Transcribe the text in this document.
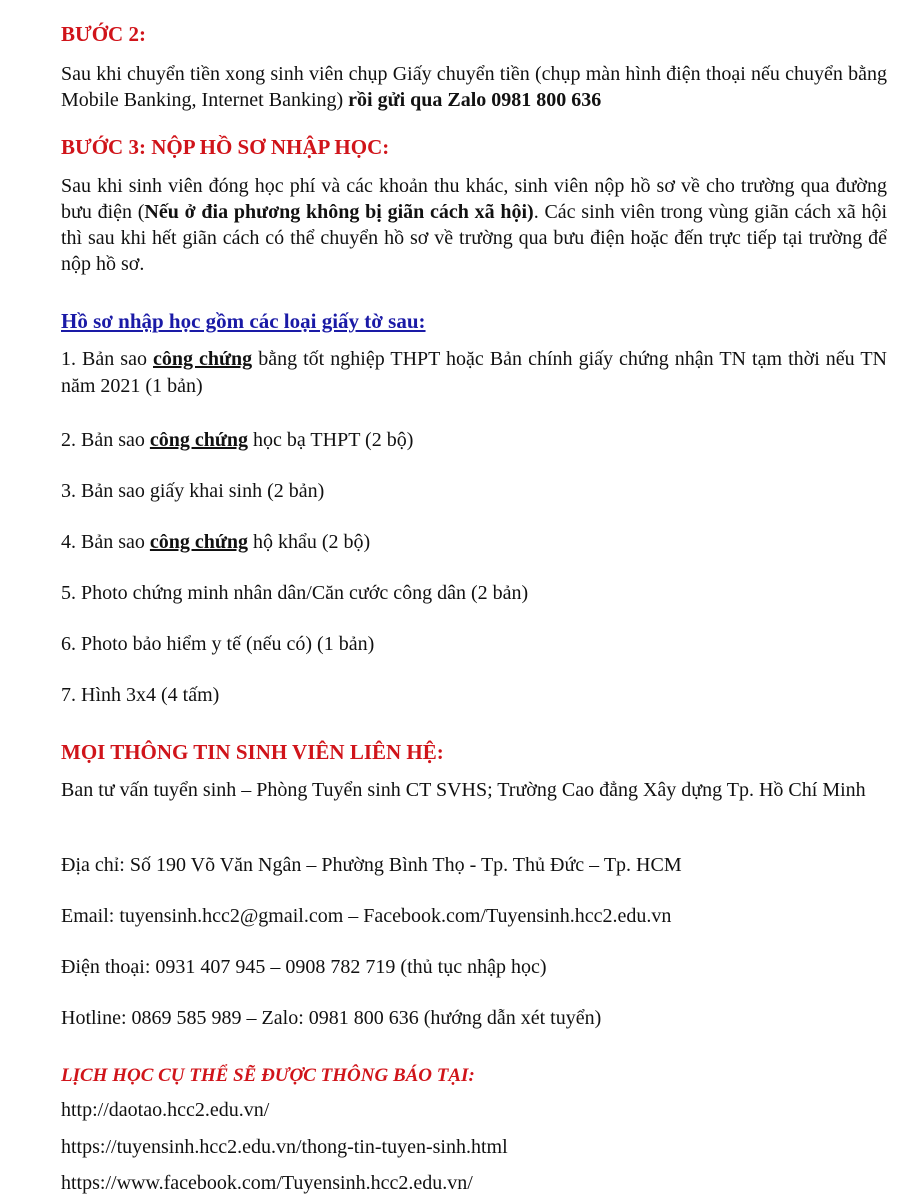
BƯỚC 2:
Sau khi chuyển tiền xong sinh viên chụp Giấy chuyển tiền (chụp màn hình điện thoại nếu chuyển bằng Mobile Banking, Internet Banking) rồi gửi qua Zalo 0981 800 636
BƯỚC 3: NỘP HỒ SƠ NHẬP HỌC:
Sau khi sinh viên đóng học phí và các khoản thu khác, sinh viên nộp hồ sơ về cho trường qua đường bưu điện (Nếu ở đia phương không bị giãn cách xã hội). Các sinh viên trong vùng giãn cách xã hội thì sau khi hết giãn cách có thể chuyển hồ sơ về trường qua bưu điện hoặc đến trực tiếp tại trường để nộp hồ sơ.
Hồ sơ nhập học gồm các loại giấy tờ sau:
1. Bản sao công chứng bằng tốt nghiệp THPT hoặc Bản chính giấy chứng nhận TN tạm thời nếu TN năm 2021 (1 bản)
2. Bản sao công chứng học bạ THPT (2 bộ)
3. Bản sao giấy khai sinh (2 bản)
4. Bản sao công chứng hộ khẩu (2 bộ)
5. Photo chứng minh nhân dân/Căn cước công dân (2 bản)
6. Photo bảo hiểm y tế (nếu có) (1 bản)
7. Hình 3x4 (4 tấm)
MỌI THÔNG TIN SINH VIÊN LIÊN HỆ:
Ban tư vấn tuyển sinh – Phòng Tuyển sinh CT SVHS; Trường Cao đẳng Xây dựng Tp. Hồ Chí Minh
Địa chỉ: Số 190 Võ Văn Ngân – Phường Bình Thọ - Tp. Thủ Đức – Tp. HCM
Email: tuyensinh.hcc2@gmail.com – Facebook.com/Tuyensinh.hcc2.edu.vn
Điện thoại: 0931 407 945 – 0908 782 719 (thủ tục nhập học)
Hotline: 0869 585 989 – Zalo: 0981 800 636 (hướng dẫn xét tuyển)
LỊCH HỌC CỤ THỂ SẼ ĐƯỢC THÔNG BÁO TẠI:
http://daotao.hcc2.edu.vn/
https://tuyensinh.hcc2.edu.vn/thong-tin-tuyen-sinh.html
https://www.facebook.com/Tuyensinh.hcc2.edu.vn/
